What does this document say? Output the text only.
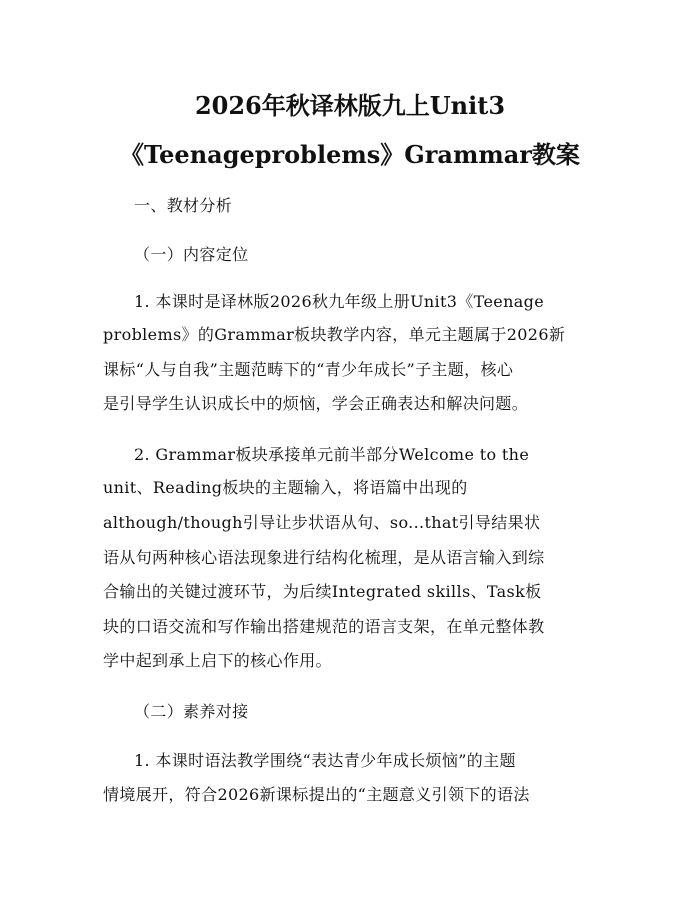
2026年秋译林版九上Unit3
《Teenageproblems》Grammar教案
一、教材分析
（一）内容定位
1. 本课时是译林版2026秋九年级上册Unit3《Teenage
problems》的Grammar板块教学内容，单元主题属于2026新
课标“人与自我”主题范畴下的“青少年成长”子主题，核心
是引导学生认识成长中的烦恼，学会正确表达和解决问题。
2. Grammar板块承接单元前半部分Welcome to the
unit、Reading板块的主题输入，将语篇中出现的
although/though引导让步状语从句、so...that引导结果状
语从句两种核心语法现象进行结构化梳理，是从语言输入到综
合输出的关键过渡环节，为后续Integrated skills、Task板
块的口语交流和写作输出搭建规范的语言支架，在单元整体教
学中起到承上启下的核心作用。
（二）素养对接
1. 本课时语法教学围绕“表达青少年成长烦恼”的主题
情境展开，符合2026新课标提出的“主题意义引领下的语法
